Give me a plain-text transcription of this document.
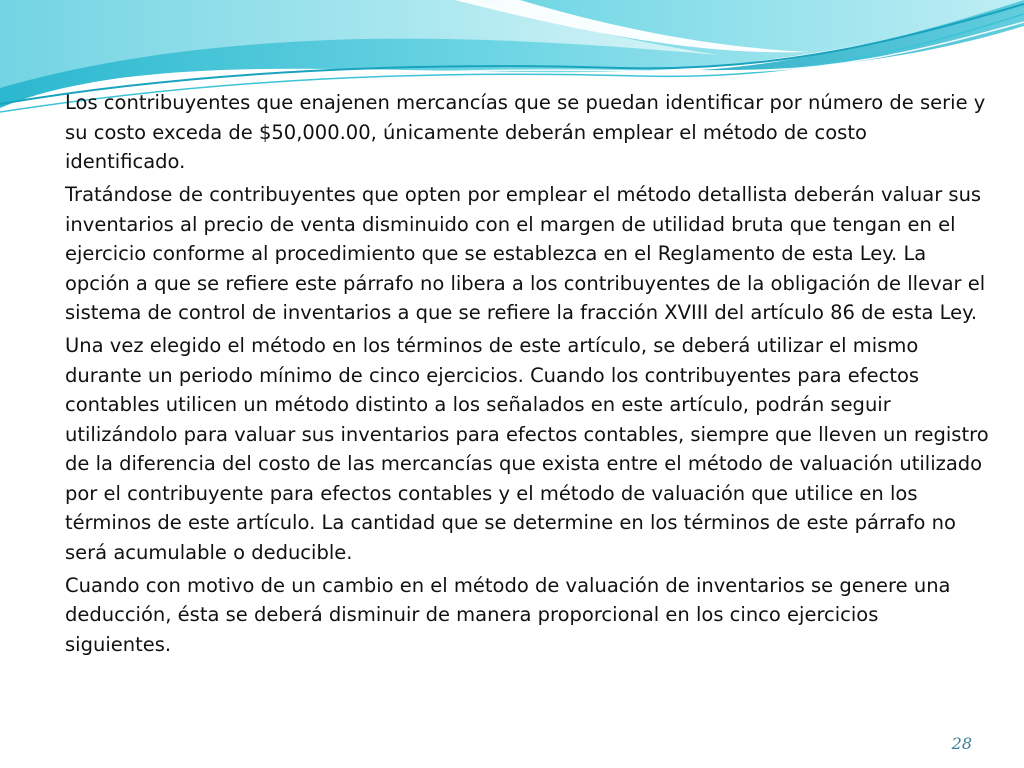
Los contribuyentes que enajenen mercancías que se puedan identificar por número de serie y su costo exceda de $50,000.00, únicamente deberán emplear el método de costo identificado.

Tratándose de contribuyentes que opten por emplear el método detallista deberán valuar sus inventarios al precio de venta disminuido con el margen de utilidad bruta que tengan en el ejercicio conforme al procedimiento que se establezca en el Reglamento de esta Ley. La opción a que se refiere este párrafo no libera a los contribuyentes de la obligación de llevar el sistema de control de inventarios a que se refiere la fracción XVIII del artículo 86 de esta Ley.

Una vez elegido el método en los términos de este artículo, se deberá utilizar el mismo durante un periodo mínimo de cinco ejercicios. Cuando los contribuyentes para efectos contables utilicen un método distinto a los señalados en este artículo, podrán seguir utilizándolo para valuar sus inventarios para efectos contables, siempre que lleven un registro de la diferencia del costo de las mercancías que exista entre el método de valuación utilizado por el contribuyente para efectos contables y el método de valuación que utilice en los términos de este artículo. La cantidad que se determine en los términos de este párrafo no será acumulable o deducible.

Cuando con motivo de un cambio en el método de valuación de inventarios se genere una deducción, ésta se deberá disminuir de manera proporcional en los cinco ejercicios siguientes.

28
